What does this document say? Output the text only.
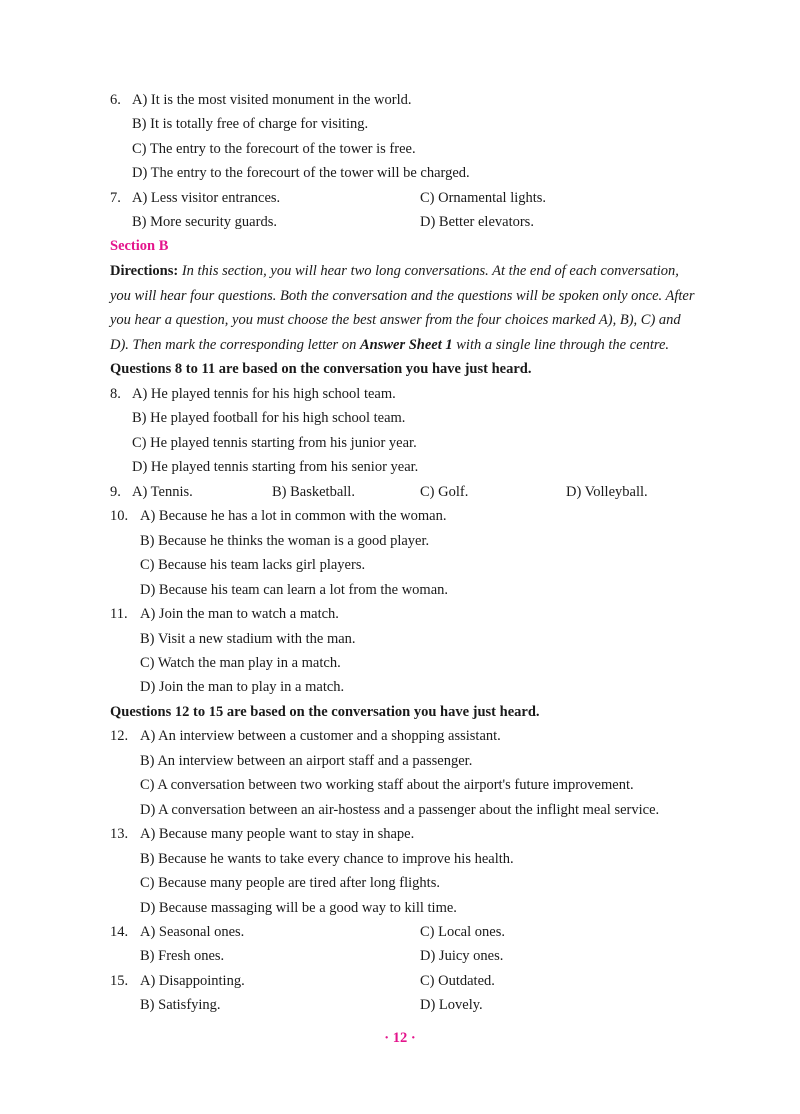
6. A) It is the most visited monument in the world.
B) It is totally free of charge for visiting.
C) The entry to the forecourt of the tower is free.
D) The entry to the forecourt of the tower will be charged.
7. A) Less visitor entrances.	C) Ornamental lights.
B) More security guards.	D) Better elevators.
Section B
Directions: In this section, you will hear two long conversations. At the end of each conversation,
you will hear four questions. Both the conversation and the questions will be spoken only once. After
you hear a question, you must choose the best answer from the four choices marked A), B), C) and
D). Then mark the corresponding letter on Answer Sheet 1 with a single line through the centre.
Questions 8 to 11 are based on the conversation you have just heard.
8. A) He played tennis for his high school team.
B) He played football for his high school team.
C) He played tennis starting from his junior year.
D) He played tennis starting from his senior year.
9. A) Tennis.	B) Basketball.	C) Golf.	D) Volleyball.
10. A) Because he has a lot in common with the woman.
B) Because he thinks the woman is a good player.
C) Because his team lacks girl players.
D) Because his team can learn a lot from the woman.
11. A) Join the man to watch a match.
B) Visit a new stadium with the man.
C) Watch the man play in a match.
D) Join the man to play in a match.
Questions 12 to 15 are based on the conversation you have just heard.
12. A) An interview between a customer and a shopping assistant.
B) An interview between an airport staff and a passenger.
C) A conversation between two working staff about the airport's future improvement.
D) A conversation between an air-hostess and a passenger about the inflight meal service.
13. A) Because many people want to stay in shape.
B) Because he wants to take every chance to improve his health.
C) Because many people are tired after long flights.
D) Because massaging will be a good way to kill time.
14. A) Seasonal ones.	C) Local ones.
B) Fresh ones.	D) Juicy ones.
15. A) Disappointing.	C) Outdated.
B) Satisfying.	D) Lovely.
· 12 ·
